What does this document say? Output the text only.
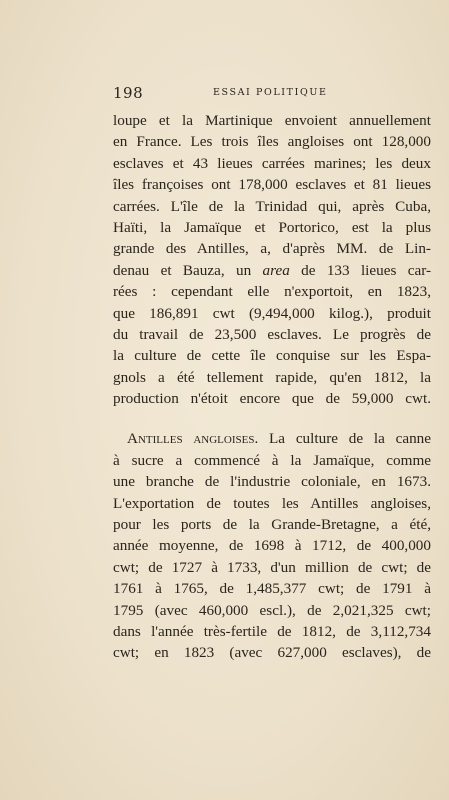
198	ESSAI POLITIQUE
loupe et la Martinique envoient annuellement
en France. Les trois îles angloises ont 128,000
esclaves et 43 lieues carrées marines; les deux
îles françoises ont 178,000 esclaves et 81 lieues
carrées. L'île de la Trinidad qui, après Cuba,
Haïti, la Jamaïque et Portorico, est la plus
grande des Antilles, a, d'après MM. de Lin-
denau et Bauza, un area de 133 lieues car-
rées : cependant elle n'exportoit, en 1823,
que 186,891 cwt (9,494,000 kilog.), produit
du travail de 23,500 esclaves. Le progrès de
la culture de cette île conquise sur les Espa-
gnols a été tellement rapide, qu'en 1812, la
production n'étoit encore que de 59,000 cwt.
Antilles angloises. La culture de la canne
à sucre a commencé à la Jamaïque, comme
une branche de l'industrie coloniale, en 1673.
L'exportation de toutes les Antilles angloises,
pour les ports de la Grande-Bretagne, a été,
année moyenne, de 1698 à 1712, de 400,000
cwt; de 1727 à 1733, d'un million de cwt; de
1761 à 1765, de 1,485,377 cwt; de 1791 à
1795 (avec 460,000 escl.), de 2,021,325 cwt;
dans l'année très-fertile de 1812, de 3,112,734
cwt; en 1823 (avec 627,000 esclaves), de
